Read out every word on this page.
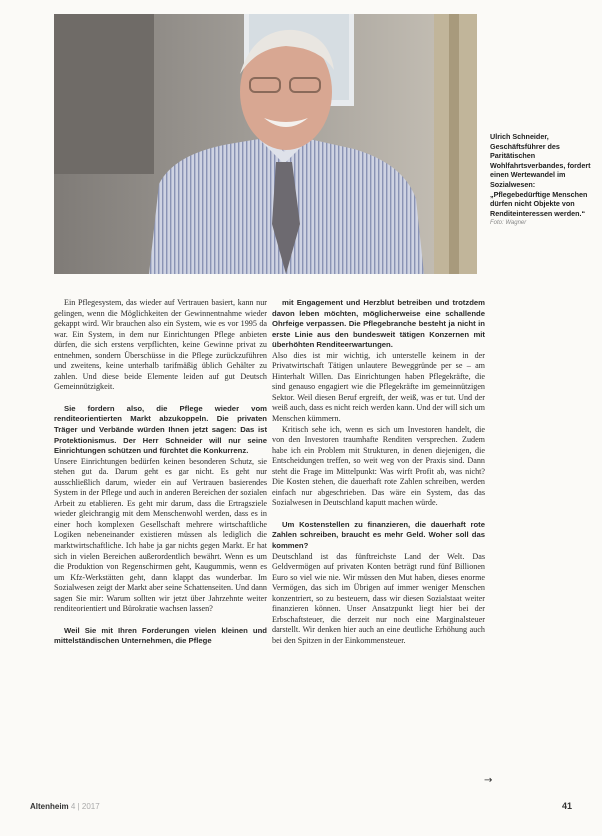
Ulrich Schneider, Geschäftsführer des Paritätischen Wohlfahrtsverbandes, fordert einen Wertewandel im Sozialwesen: „Pflegebedürftige Menschen dürfen nicht Objekte von Renditeinteressen werden.“
Foto: Wagner

Ein Pflegesystem, das wieder auf Vertrauen basiert, kann nur gelingen, wenn die Möglichkeiten der Gewinnentnahme wieder gekappt wird. Wir brauchen also ein System, wie es vor 1995 da war. Ein System, in dem nur Einrichtungen Pflege anbieten dürfen, die sich erstens verpflichten, keine Gewinne privat zu entnehmen, sondern Überschüsse in die Pflege zurückzuführen und zweitens, keine unterhalb tarifmäßig üblich Gehälter zu zahlen. Und diese beide Elemente leiden auf gut Deutsch Gemeinnützigkeit.

Sie fordern also, die Pflege wieder vom renditeorientierten Markt abzukoppeln. Die privaten Träger und Verbände würden Ihnen jetzt sagen: Das ist Protektionismus. Der Herr Schneider will nur seine Einrichtungen schützen und fürchtet die Konkurrenz.

Unsere Einrichtungen bedürfen keinen besonderen Schutz, sie stehen gut da. Darum geht es gar nicht. Es geht nur ausschließlich darum, wieder ein auf Vertrauen basierendes System in der Pflege und auch in anderen Bereichen der sozialen Arbeit zu etablieren. Es geht mir darum, dass die Ertragsziele wieder gleichrangig mit dem Menschenwohl werden, dass es in einer hoch komplexen Gesellschaft mehrere wirtschaftliche Logiken nebeneinander existieren müssen als lediglich die marktwirtschaftliche. Ich habe ja gar nichts gegen Markt. Er hat sich in vielen Bereichen außerordentlich bewährt. Wenn es um die Produktion von Regenschirmen geht, Kaugummis, wenn es um Kfz-Werkstätten geht, dann klappt das wunderbar. Im Sozialwesen zeigt der Markt aber seine Schattenseiten. Und dann sagen Sie mir: Warum sollten wir jetzt über Jahrzehnte weiter renditeorientiert und Bürokratie wachsen lassen?

Weil Sie mit Ihren Forderungen vielen kleinen und mittelständischen Unternehmen, die Pflege

mit Engagement und Herzblut betreiben und trotzdem davon leben möchten, möglicherweise eine schallende Ohrfeige verpassen. Die Pflegebranche besteht ja nicht in erste Linie aus den bundesweit tätigen Konzernen mit überhöhten Renditeerwartungen.

Also dies ist mir wichtig, ich unterstelle keinem in der Privatwirtschaft Tätigen unlautere Beweggründe per se – am Hinterhalt Willen. Das Einrichtungen haben Pflegekräfte, die sind genauso engagiert wie die Pflegekräfte im gemeinnützigen Sektor. Weil diesen Beruf ergreift, der weiß, was er tut. Und der weiß auch, dass es nicht reich werden kann. Und der will sich um Menschen kümmern.

Kritisch sehe ich, wenn es sich um Investoren handelt, die von den Investoren traumhafte Renditen versprechen. Zudem habe ich ein Problem mit Strukturen, in denen diejenigen, die Entscheidungen treffen, so weit weg von der Praxis sind. Dann steht die Frage im Mittelpunkt: Was wirft Profit ab, was nicht? Die Kosten stehen, die dauerhaft rote Zahlen schreiben, werden einfach nur abgeschrieben. Das wäre ein System, das das Sozialwesen in Deutschland kaputt machen würde.

Um Kostenstellen zu finanzieren, die dauerhaft rote Zahlen schreiben, braucht es mehr Geld. Woher soll das kommen?

Deutschland ist das fünftreichste Land der Welt. Das Geldvermögen auf privaten Konten beträgt rund fünf Billionen Euro so viel wie nie. Wir müssen den Mut haben, dieses enorme Vermögen, das sich im Übrigen auf immer weniger Menschen konzentriert, so zu besteuern, dass wir diesen Sozialstaat weiter finanzieren können. Unser Ansatzpunkt liegt hier bei der Erbschaftsteuer, die derzeit nur noch eine Marginalsteuer darstellt. Wir denken hier auch an eine deutliche Erhöhung auch bei den Spitzen in der Einkommensteuer.

→
Altenheim 4 | 2017	41
